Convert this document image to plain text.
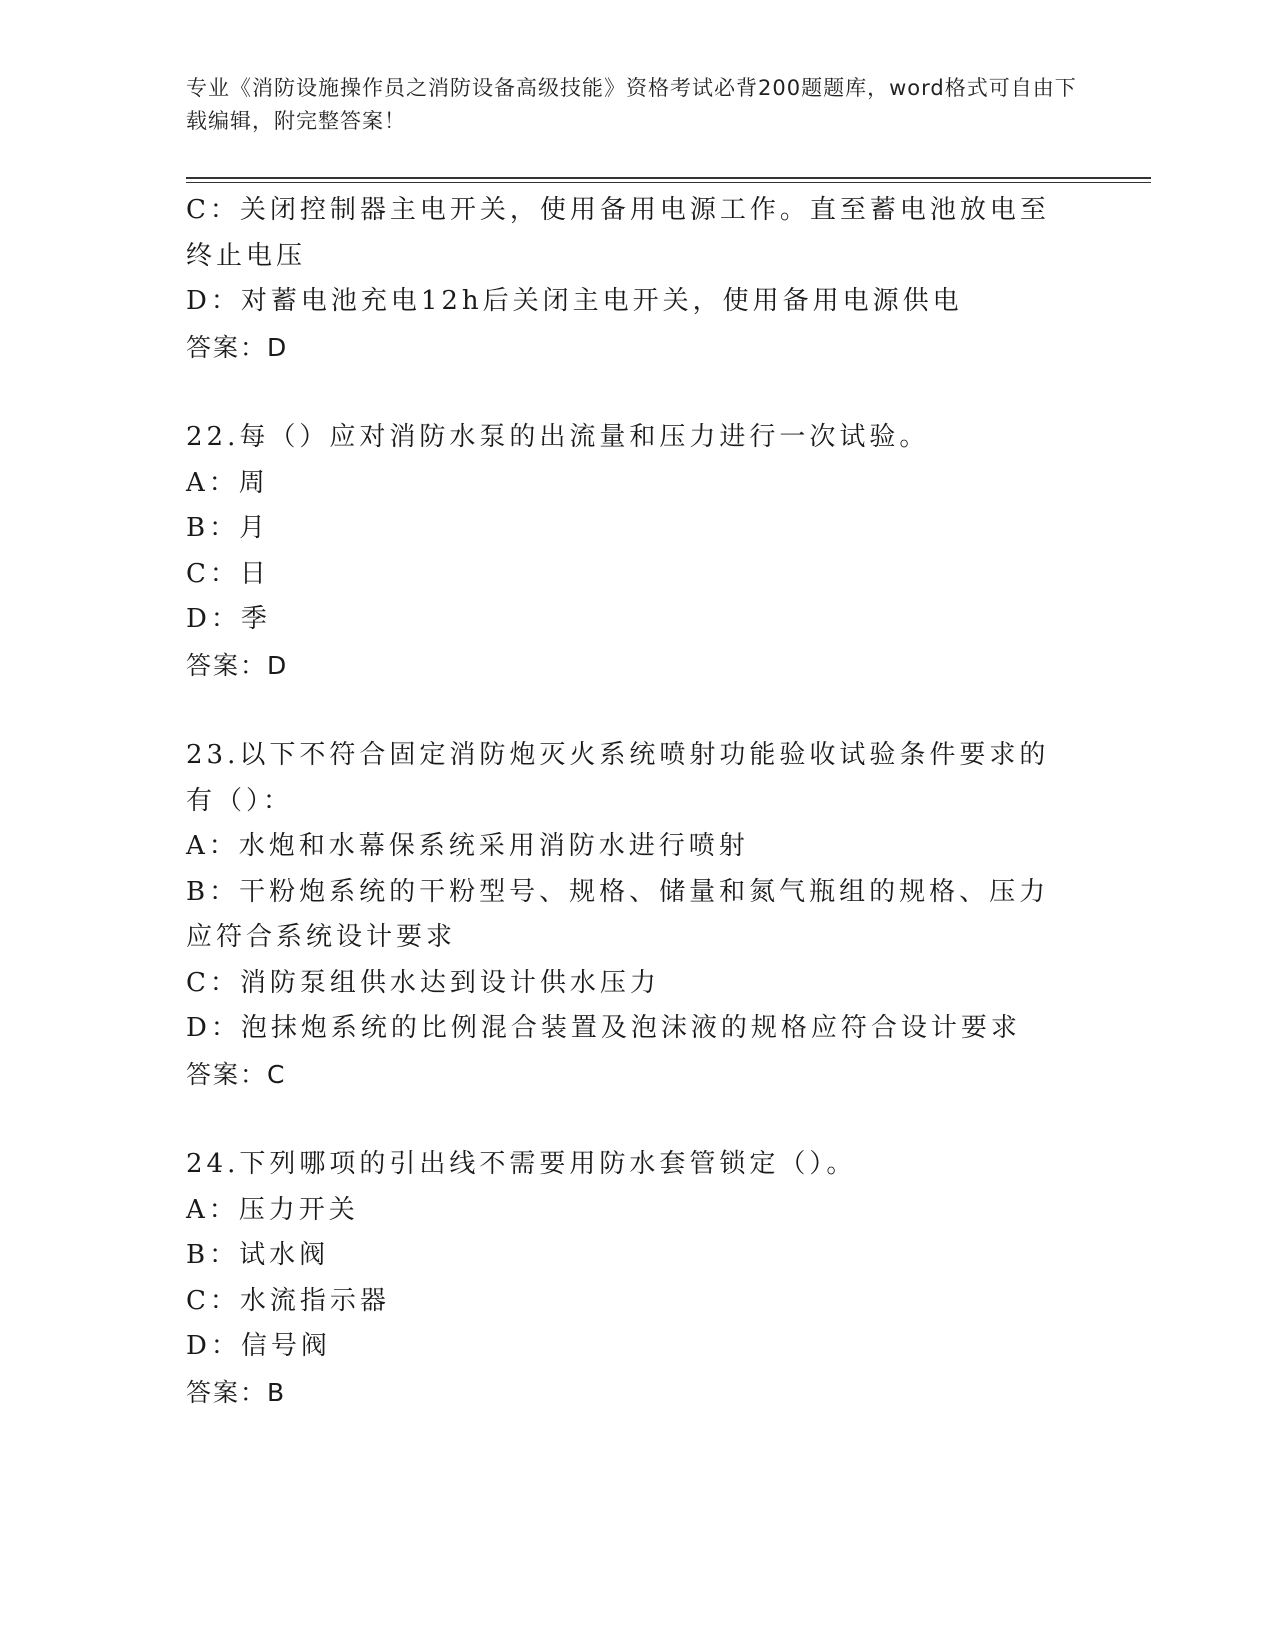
专业《消防设施操作员之消防设备高级技能》资格考试必背200题题库，word格式可自由下载编辑，附完整答案！
C：关闭控制器主电开关，使用备用电源工作。直至蓄电池放电至终止电压
D：对蓄电池充电12h后关闭主电开关，使用备用电源供电
答案：D
22.每（）应对消防水泵的出流量和压力进行一次试验。
A：周
B：月
C：日
D：季
答案：D
23.以下不符合固定消防炮灭火系统喷射功能验收试验条件要求的有（）：
A：水炮和水幕保系统采用消防水进行喷射
B：干粉炮系统的干粉型号、规格、储量和氮气瓶组的规格、压力应符合系统设计要求
C：消防泵组供水达到设计供水压力
D：泡抹炮系统的比例混合装置及泡沫液的规格应符合设计要求
答案：C
24.下列哪项的引出线不需要用防水套管锁定（）。
A：压力开关
B：试水阀
C：水流指示器
D：信号阀
答案：B
